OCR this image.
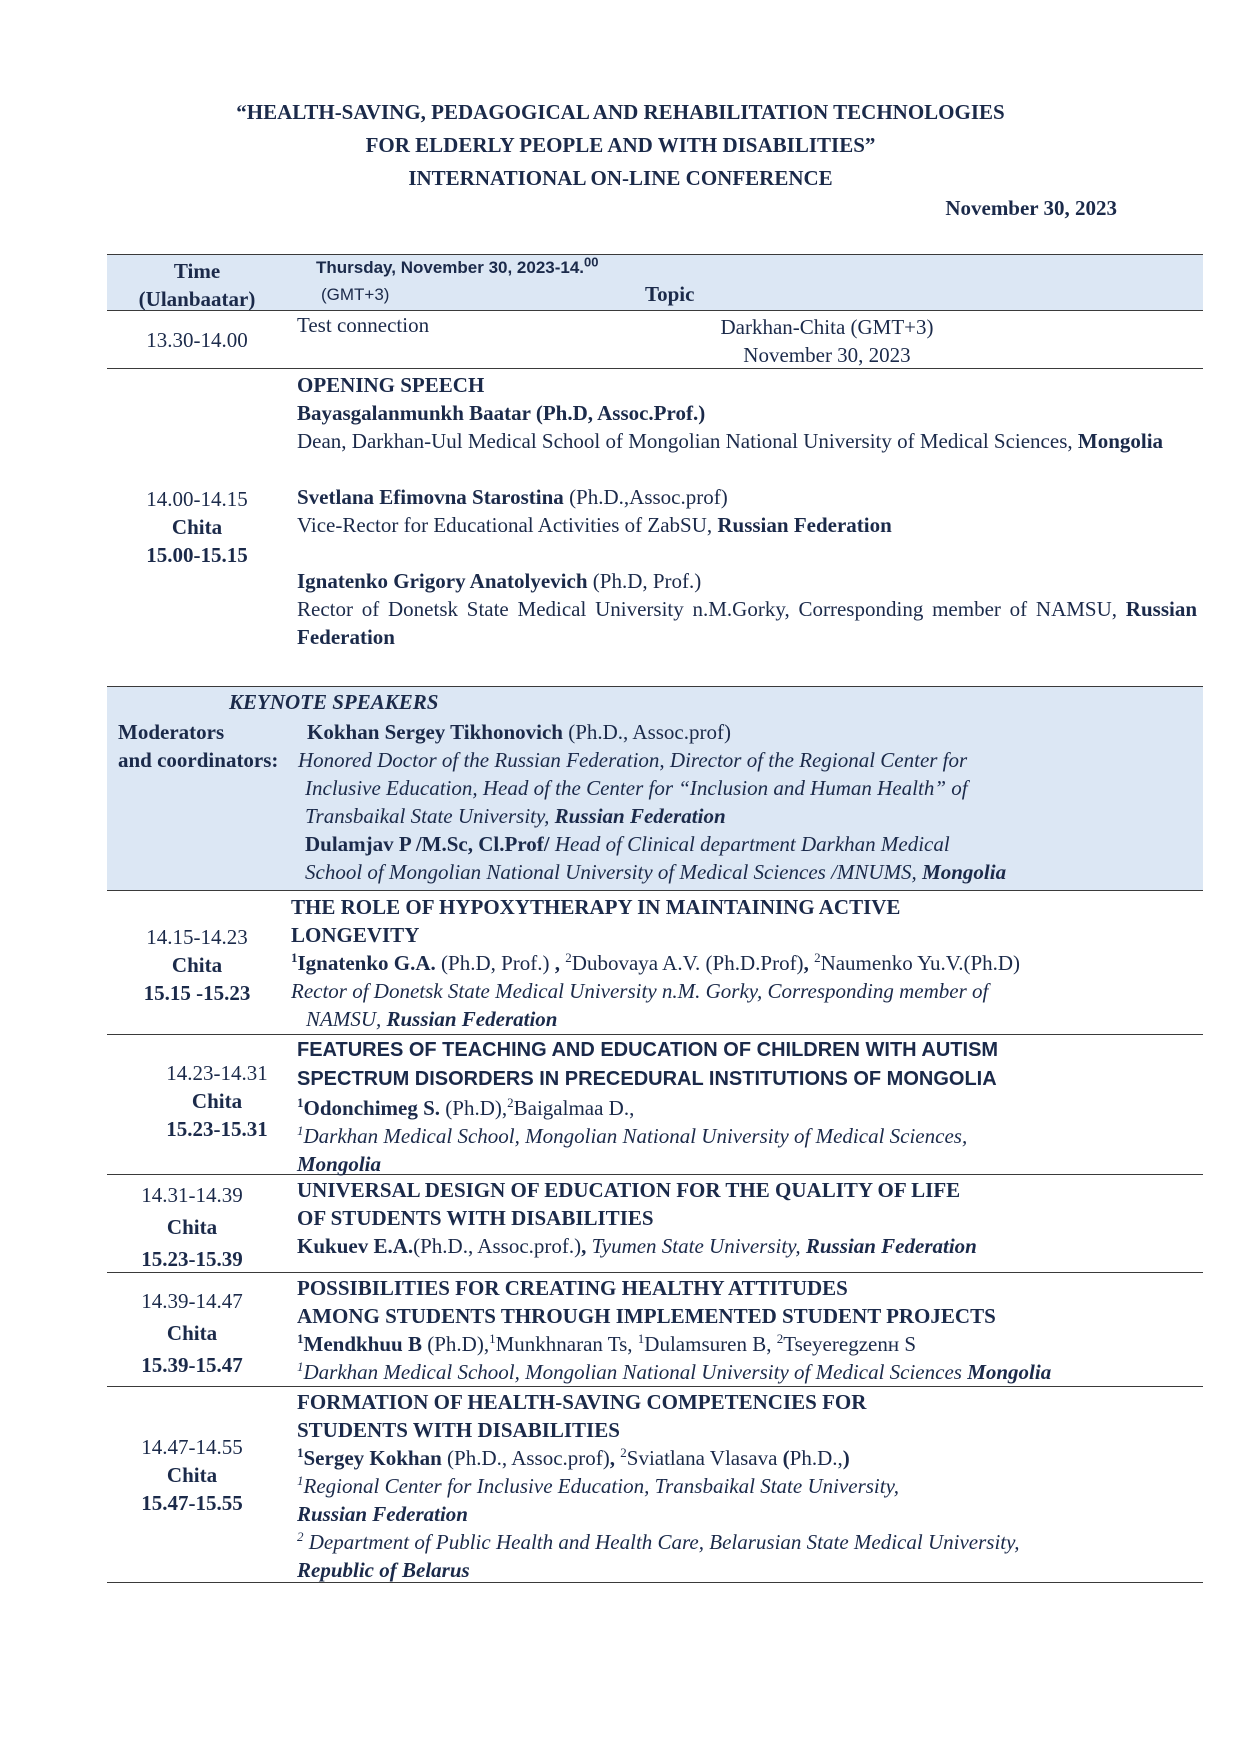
“HEALTH-SAVING, PEDAGOGICAL AND REHABILITATION TECHNOLOGIES

FOR ELDERLY PEOPLE AND WITH DISABILITIES”

INTERNATIONAL ON-LINE CONFERENCE

November 30, 2023

Time

(Ulanbaatar)

Thursday, November 30, 2023-14.00
(GMT+3)	Topic
13.30-14.00
Test connection	Darkhan-Chita (GMT+3)

November 30, 2023

14.00-14.15

Chita

15.00-15.15

OPENING SPEECH

Bayasgalanmunkh Baatar (Ph.D, Assoc.Prof.)

Dean, Darkhan-Uul Medical School of Mongolian National University of Medical Sciences, Mongolia

Svetlana Efimovna Starostina (Ph.D.,Assoc.prof)

Vice-Rector for Educational Activities of ZabSU, Russian Federation

Ignatenko Grigory Anatolyevich (Ph.D, Prof.)

Rector of Donetsk State Medical University n.M.Gorky, Corresponding member of NAMSU, Russian Federation

KEYNOTE SPEAKERS

Moderators

and coordinators:

Kokhan Sergey Tikhonovich (Ph.D., Assoc.prof)

Honored Doctor of the Russian Federation, Director of the Regional Center for

Inclusive Education, Head of the Center for “Inclusion and Human Health” of

Transbaikal State University, Russian Federation

Dulamjav P /M.Sc, Cl.Prof/ Head of Clinical department Darkhan Medical

School of Mongolian National University of Medical Sciences /MNUMS, Mongolia

14.15-14.23

Chita

15.15 -15.23

THE ROLE OF HYPOXYTHERAPY IN MAINTAINING ACTIVE

LONGEVITY

$^1$Ignatenko G.A. (Ph.D, Prof.) , $^2$Dubovaya A.V. (Ph.D.Prof), $^2$Naumenko Yu.V.(Ph.D)

Rector of Donetsk State Medical University n.M. Gorky, Corresponding member of

NAMSU, Russian Federation

14.23-14.31

Chita

15.23-15.31

FEATURES OF TEACHING AND EDUCATION OF CHILDREN WITH AUTISM

SPECTRUM DISORDERS IN PRECEDURAL INSTITUTIONS OF MONGOLIA

$^1$Odonchimeg S. (Ph.D),$^2$Baigalmaa D.,

$^1$Darkhan Medical School, Mongolian National University of Medical Sciences,

Mongolia

14.31-14.39

Chita

15.23-15.39

UNIVERSAL DESIGN OF EDUCATION FOR THE QUALITY OF LIFE

OF STUDENTS WITH DISABILITIES

Kukuev E.A.(Ph.D., Assoc.prof.), Tyumen State University, Russian Federation

14.39-14.47

Chita

15.39-15.47

POSSIBILITIES FOR CREATING HEALTHY ATTITUDES

AMONG STUDENTS THROUGH IMPLEMENTED STUDENT PROJECTS

$^1$Mendkhuu B (Ph.D),$^1$Munkhnaran Ts, $^1$Dulamsuren B, $^2$Tseyeregzenн S

$^1$Darkhan Medical School, Mongolian National University of Medical Sciences Mongolia

14.47-14.55

Chita

15.47-15.55

FORMATION OF HEALTH-SAVING COMPETENCIES FOR

STUDENTS WITH DISABILITIES

$^1$Sergey Kokhan (Ph.D., Assoc.prof), $^2$Sviatlana Vlasava (Ph.D.,)

$^1$Regional Center for Inclusive Education, Transbaikal State University,

Russian Federation

$^2$ Department of Public Health and Health Care, Belarusian State Medical University,

Republic of Belarus
